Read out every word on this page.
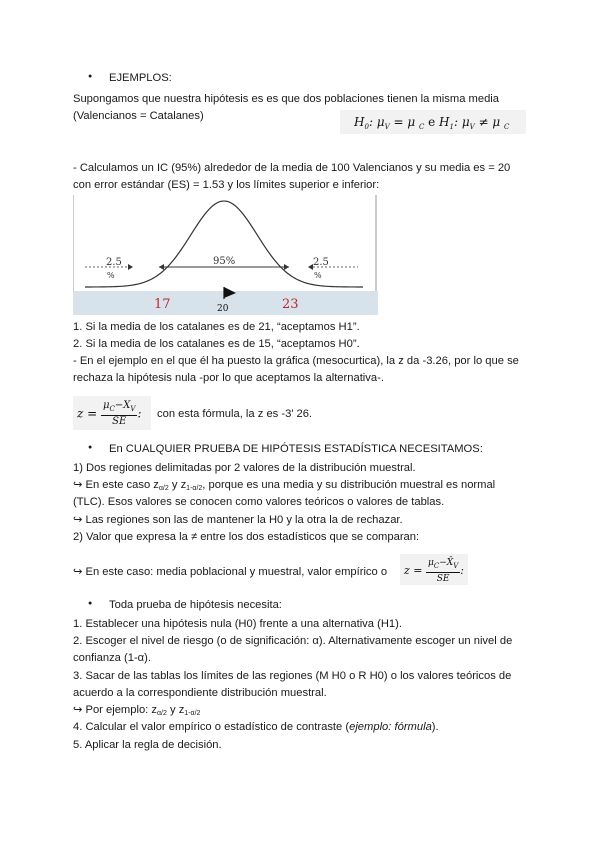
● EJEMPLOS:
Supongamos que nuestra hipótesis es es que dos poblaciones tienen la misma media
(Valencianos = Catalanes)	$H_0$: $\mu_V = \mu$ $_C$ e $H_1$: $\mu_V \ne \mu$ $_C$
- Calculamos un IC (95%) alrededor de la media de 100 Valencianos y su media es = 20
con error estándar (ES) = 1.53 y los límites superior e inferior:
2.5
%
95%	2.5
%
17	20	23
1. Si la media de los catalanes es de 21, “aceptamos H1”.
2. Si la media de los catalanes es de 15, “aceptamos H0”.
- En el ejemplo en el que él ha puesto la gráfica (mesocurtica), la z da -3.26, por lo que se
rechaza la hipótesis nula -por lo que aceptamos la alternativa-.
$z = \frac{\mu_C-X_V}{SE}$ :	con esta fórmula, la z es -3’ 26.
● En CUALQUIER PRUEBA DE HIPÓTESIS ESTADÍSTICA NECESITAMOS:
1) Dos regiones delimitadas por 2 valores de la distribución muestral.
↪ En este caso zα/2 y z1-α/2, porque es una media y su distribución muestral es normal
(TLC). Esos valores se conocen como valores teóricos o valores de tablas.
↪ Las regiones son las de mantener la H0 y la otra la de rechazar.
2) Valor que expresa la ≠ entre los dos estadísticos que se comparan:
↪ En este caso: media poblacional y muestral, valor empírico o	$z = \frac{\mu_C-X̄_V}{SE}$ :
● Toda prueba de hipótesis necesita:
1. Establecer una hipótesis nula (H0) frente a una alternativa (H1).
2. Escoger el nivel de riesgo (o de significación: α). Alternativamente escoger un nivel de
confianza (1-α).
3. Sacar de las tablas los límites de las regiones (M H0 o R H0) o los valores teóricos de
acuerdo a la correspondiente distribución muestral.
↪ Por ejemplo: zα/2 y z1-α/2
4. Calcular el valor empírico o estadístico de contraste (ejemplo: fórmula).
5. Aplicar la regla de decisión.
